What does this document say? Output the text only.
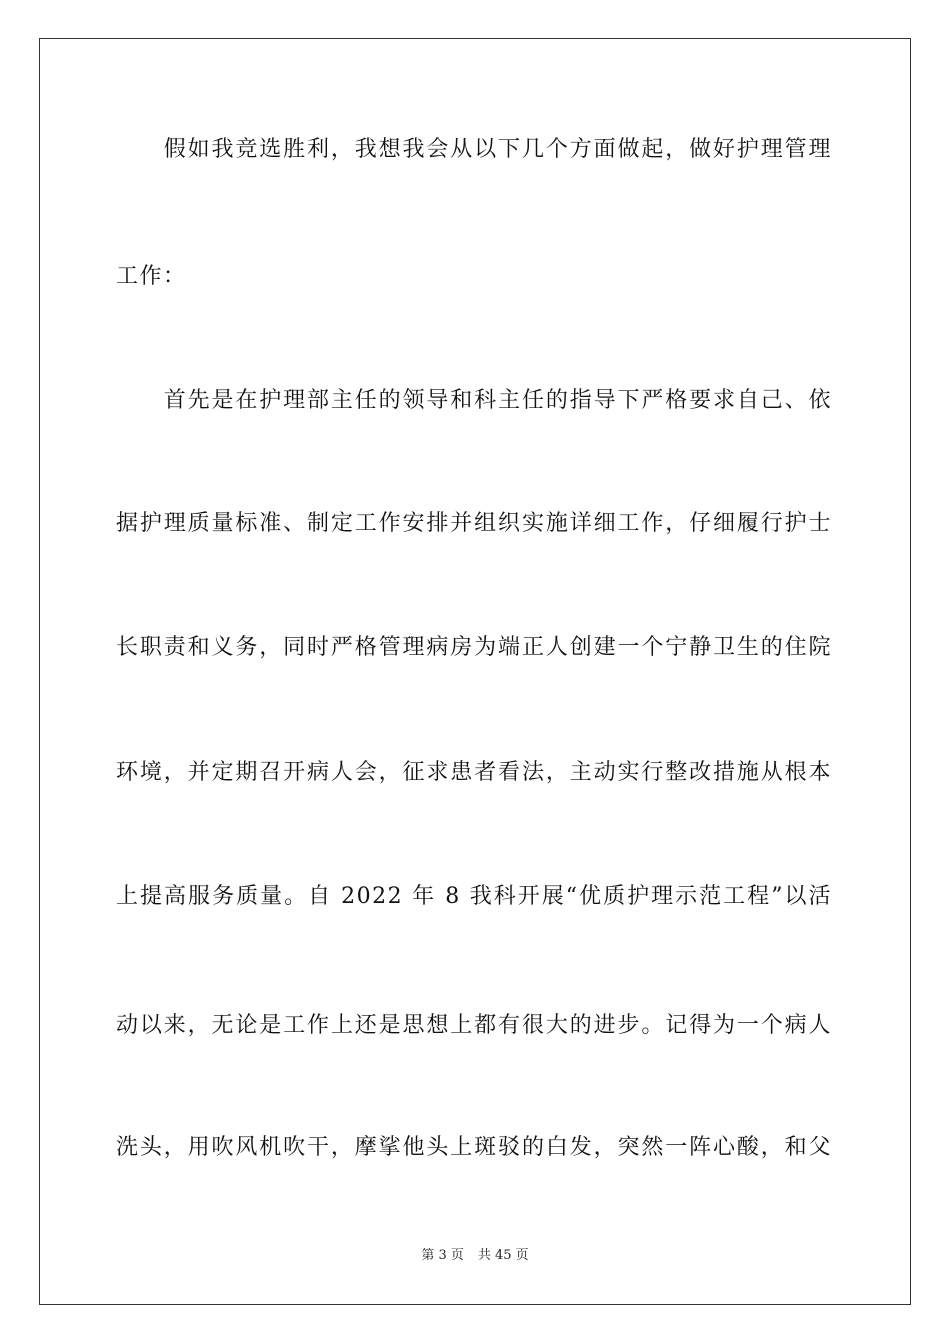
　　假如我竞选胜利，我想我会从以下几个方面做起，做好护理管理
工作：
　　首先是在护理部主任的领导和科主任的指导下严格要求自己、依
据护理质量标准、制定工作安排并组织实施详细工作，仔细履行护士
长职责和义务，同时严格管理病房为端正人创建一个宁静卫生的住院
环境，并定期召开病人会，征求患者看法，主动实行整改措施从根本
上提高服务质量。自 2022 年 8 我科开展“优质护理示范工程”以活
动以来，无论是工作上还是思想上都有很大的进步。记得为一个病人
洗头，用吹风机吹干，摩挲他头上斑驳的白发，突然一阵心酸，和父
第 3 页 共 45 页
